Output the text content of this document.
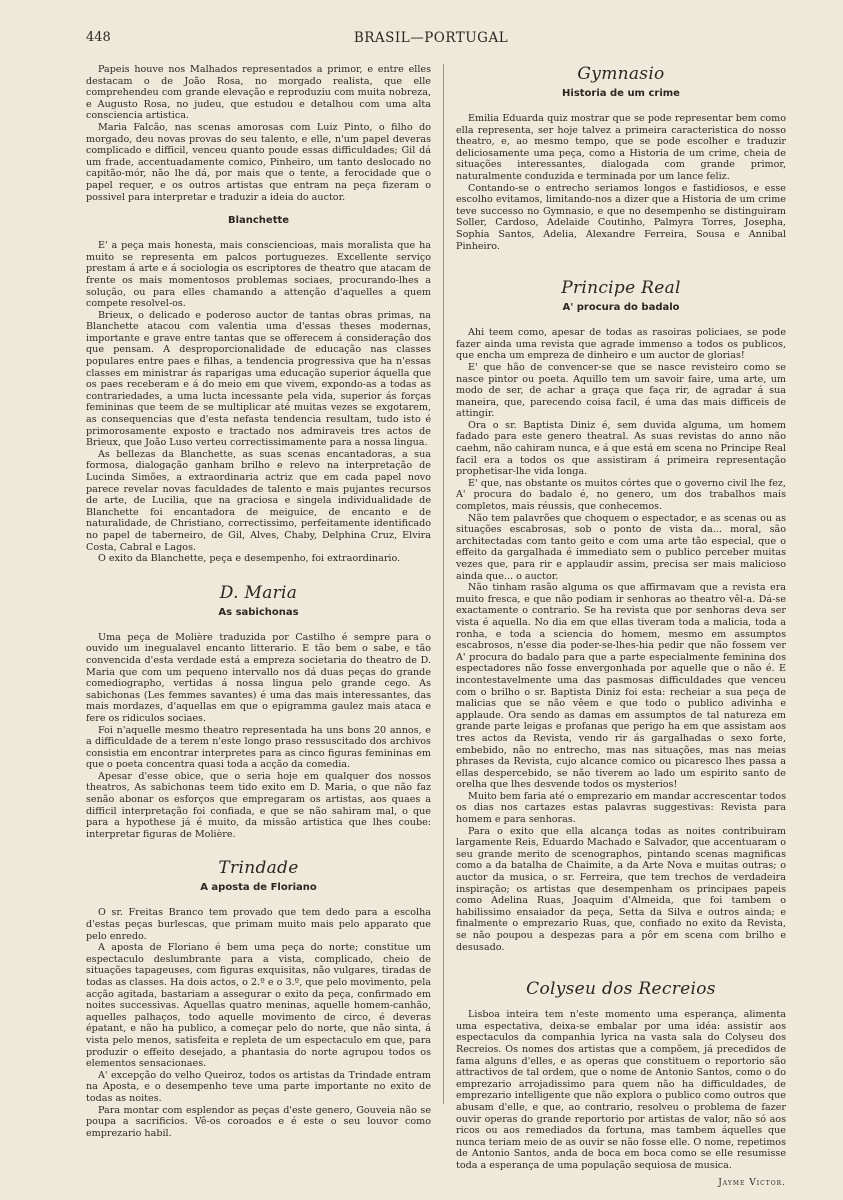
448	BRASIL—PORTUGAL

Papeis houve nos Malhados representados a primor, e entre elles destacam o de João Rosa, no morgado realista, que elle comprehendeu com grande elevação e reproduziu com muita nobreza, e Augusto Rosa, no judeu, que estudou e detalhou com uma alta consciencia artistica.

Maria Falcão, nas scenas amorosas com Luiz Pinto, o filho do morgado, deu novas provas do seu talento, e elle, n'um papel deveras complicado e difficil, venceu quanto poude essas difficuldades; Gil dá um frade, accentuadamente comico, Pinheiro, um tanto deslocado no capitão-mór, não lhe dá, por mais que o tente, a ferocidade que o papel requer, e os outros artistas que entram na peça fizeram o possivel para interpretar e traduzir a ideia do auctor.

Blanchette

E' a peça mais honesta, mais consciencioas, mais moralista que ha muito se representa em palcos portuguezes. Excellente serviço prestam á arte e á sociologia os escriptores de theatro que atacam de frente os mais momentosos problemas sociaes, procurando-lhes a solução, ou para elles chamando a attenção d'aquelles a quem compete resolvel-os.

Brieux, o delicado e poderoso auctor de tantas obras primas, na Blanchette atacou com valentia uma d'essas theses modernas, importante e grave entre tantas que se offerecem á consideração dos que pensam. A desproporcionalidade de educação nas classes populares entre paes e filhas, a tendencia progressiva que ha n'essas classes em ministrar ás raparigas uma educação superior áquella que os paes receberam e á do meio em que vivem, expondo-as a todas as contrariedades, a uma lucta incessante pela vida, superior ás forças femininas que teem de se multiplicar até muitas vezes se exgotarem, as consequencias que d'esta nefasta tendencia resultam, tudo isto é primorosamente exposto e tractado nos admiraveis tres actos de Brieux, que João Luso verteu correctissimamente para a nossa lingua.

As bellezas da Blanchette, as suas scenas encantadoras, a sua formosa, dialogação ganham brilho e relevo na interpretação de Lucinda Simões, a extraordinaria actriz que em cada papel novo parece revelar novas faculdades de talento e mais pujantes recursos de arte, de Lucilia, que na graciosa e singela individualidade de Blanchette foi encantadora de meiguice, de encanto e de naturalidade, de Christiano, correctissimo, perfeitamente identificado no papel de taberneiro, de Gil, Alves, Chaby, Delphina Cruz, Elvira Costa, Cabral e Lagos.

O exito da Blanchette, peça e desempenho, foi extraordinario.

D. Maria
As sabichonas

Uma peça de Molière traduzida por Castilho é sempre para o ouvido um inegualavel encanto litterario. E tão bem o sabe, e tão convencida d'esta verdade está a empreza societaria do theatro de D. Maria que com um pequeno intervallo nos dá duas peças do grande comediographo, vertidas á nossa lingua pelo grande cego. As sabichonas (Les femmes savantes) é uma das mais interessantes, das mais mordazes, d'aquellas em que o epigramma gaulez mais ataca e fere os ridiculos sociaes.

Foi n'aquelle mesmo theatro representada ha uns bons 20 annos, e a difficuldade de a terem n'este longo praso ressuscitado dos archivos consistia em encontrar interpretes para as cinco figuras femininas em que o poeta concentra quasi toda a acção da comedia.

Apesar d'esse obice, que o seria hoje em qualquer dos nossos theatros, As sabichonas teem tido exito em D. Maria, o que não faz senão abonar os esforços que empregaram os artistas, aos quaes a difficil interpretação foi confiada, e que se não sahiram mal, o que para a hypothese já é muito, da missão artistica que lhes coube: interpretar figuras de Molière.

Trindade
A aposta de Floriano

O sr. Freitas Branco tem provado que tem dedo para a escolha d'estas peças burlescas, que primam muito mais pelo apparato que pelo enredo.

A aposta de Floriano é bem uma peça do norte; constitue um espectaculo deslumbrante para a vista, complicado, cheio de situações tapageuses, com figuras exquisitas, não vulgares, tiradas de todas as classes. Ha dois actos, o 2.º e o 3.º, que pelo movimento, pela acção agitada, bastariam a assegurar o exito da peça, confirmado em noites successivas. Aquellas quatro meninas, aquelle homem-canhão, aquelles palhaços, todo aquelle movimento de circo, é deveras épatant, e não ha publico, a começar pelo do norte, que não sinta, á vista pelo menos, satisfeita e repleta de um espectaculo em que, para produzir o effeito desejado, a phantasia do norte agrupou todos os elementos sensacionaes.

A' excepção do velho Queiroz, todos os artistas da Trindade entram na Aposta, e o desempenho teve uma parte importante no exito de todas as noites.

Para montar com esplendor as peças d'este genero, Gouveia não se poupa a sacrificios. Vê-os coroados e é este o seu louvor como emprezario habil.

Gymnasio
Historia de um crime

Emilia Eduarda quiz mostrar que se pode representar bem como ella representa, ser hoje talvez a primeira caracteristica do nosso theatro, e, ao mesmo tempo, que se pode escolher e traduzir deliciosamente uma peça, como a Historia de um crime, cheia de situações interessantes, dialogada com grande primor, naturalmente conduzida e terminada por um lance feliz.

Contando-se o entrecho seriamos longos e fastidiosos, e esse escolho evitamos, limitando-nos a dizer que a Historia de um crime teve successo no Gymnasio, e que no desempenho se distinguiram Soller, Cardoso, Adelaide Coutinho, Palmyra Torres, Josepha, Sophia Santos, Adelia, Alexandre Ferreira, Sousa e Annibal Pinheiro.

Principe Real
A' procura do badalo

Ahi teem como, apesar de todas as rasoiras policiaes, se pode fazer ainda uma revista que agrade immenso a todos os publicos, que encha um empreza de dinheiro e um auctor de glorias!

E' que hão de convencer-se que se nasce revisteiro como se nasce pintor ou poeta. Aquillo tem um savoir faire, uma arte, um modo de ser, de achar a graça que faça rir, de agradar á sua maneira, que, parecendo coisa facil, é uma das mais difficeis de attingir.

Ora o sr. Baptista Diniz é, sem duvida alguma, um homem fadado para este genero theatral. As suas revistas do anno não caehm, não cahiram nunca, e á que está em scena no Principe Real facil era a todos os que assistiram á primeira representação prophetisar-lhe vida longa.

E' que, nas obstante os muitos córtes que o governo civil lhe fez, A' procura do badalo é, no genero, um dos trabalhos mais completos, mais réussis, que conhecemos.

Não tem palavrões que choquem o espectador, e as scenas ou as situações escabrosas, sob o ponto de vista da... moral, são architectadas com tanto geito e com uma arte tão especial, que o effeito da gargalhada é immediato sem o publico perceber muitas vezes que, para rir e applaudir assim, precisa ser mais malicioso ainda que... o auctor.

Não tinham rasão alguma os que affirmavam que a revista era muito fresca, e que não podiam ir senhoras ao theatro vêl-a. Dá-se exactamente o contrario. Se ha revista que por senhoras deva ser vista é aquella. No dia em que ellas tiveram toda a malicia, toda a ronha, e toda a sciencia do homem, mesmo em assumptos escabrosos, n'esse dia poder-se-lhes-hia pedir que não fossem ver A' procura do badalo para que a parte especialmente feminina dos espectadores não fosse envergonhada por aquelle que o não é. E incontestavelmente uma das pasmosas difficuldades que venceu com o brilho o sr. Baptista Diniz foi esta: recheiar a sua peça de malicias que se não vêem e que todo o publico adivinha e applaude. Ora sendo as damas em assumptos de tal natureza em grande parte leigas e profanas que perigo ha em que assistam aos tres actos da Revista, vendo rir ás gargalhadas o sexo forte, embebido, não no entrecho, mas nas situações, mas nas meias phrases da Revista, cujo alcance comico ou picaresco lhes passa a ellas despercebido, se não tiverem ao lado um espirito santo de orelha que lhes desvende todos os mysterios!

Muito bem faria até o emprezario em mandar accrescentar todos os dias nos cartazes estas palavras suggestivas: Revista para homem e para senhoras.

Para o exito que ella alcança todas as noites contribuiram largamente Reis, Eduardo Machado e Salvador, que accentuaram o seu grande merito de scenographos, pintando scenas magnificas como a da batalha de Chaimite, a da Arte Nova e muitas outras; o auctor da musica, o sr. Ferreira, que tem trechos de verdadeira inspiração; os artistas que desempenham os principaes papeis como Adelina Ruas, Joaquim d'Almeida, que foi tambem o habilissimo ensaiador da peça, Setta da Silva e outros ainda; e finalmente o emprezario Ruas, que, confiado no exito da Revista, se não poupou a despezas para a pôr em scena com brilho e desusado.

Colyseu dos Recreios

Lisboa inteira tem n'este momento uma esperança, alimenta uma espectativa, deixa-se embalar por uma idéa: assistir aos espectaculos da companhia lyrica na vasta sala do Colyseu dos Recreios. Os nomes dos artistas que a compõem, já precedidos de fama alguns d'elles, e as operas que constituem o reportorio são attractivos de tal ordem, que o nome de Antonio Santos, como o do emprezario arrojadissimo para quem não ha difficuldades, de emprezario intelligente que não explora o publico como outros que abusam d'elle, e que, ao contrario, resolveu o problema de fazer ouvir operas do grande reportorio por artistas de valor, não só aos ricos ou aos remediados da fortuna, mas tambem áquelles que nunca teriam meio de as ouvir se não fosse elle. O nome, repetimos de Antonio Santos, anda de boca em boca como se elle resumisse toda a esperança de uma população sequiosa de musica.

Jayme Victor.
